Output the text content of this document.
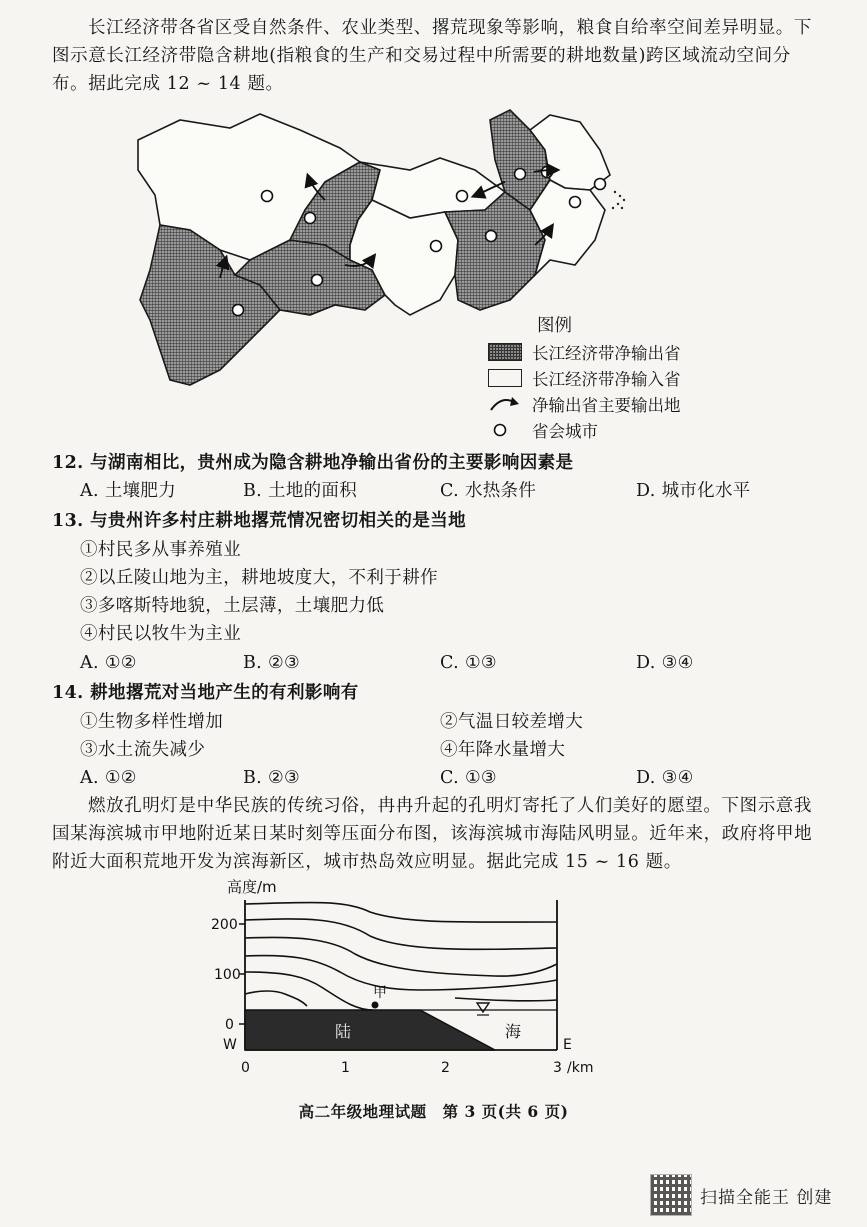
长江经济带各省区受自然条件、农业类型、撂荒现象等影响，粮食自给率空间差异明显。下图示意长江经济带隐含耕地(指粮食的生产和交易过程中所需要的耕地数量)跨区域流动空间分布。据此完成 12 ~ 14 题。

图例
长江经济带净输出省
长江经济带净输入省
净输出省主要输出地
省会城市
12. 与湖南相比，贵州成为隐含耕地净输出省份的主要影响因素是
A. 土壤肥力	B. 土地的面积	C. 水热条件	D. 城市化水平
13. 与贵州许多村庄耕地撂荒情况密切相关的是当地
①村民多从事养殖业
②以丘陵山地为主，耕地坡度大，不利于耕作
③多喀斯特地貌，土层薄，土壤肥力低
④村民以牧牛为主业
A. ①②	B. ②③	C. ①③	D. ③④
14. 耕地撂荒对当地产生的有利影响有
①生物多样性增加	②气温日较差增大
③水土流失减少	④年降水量增大
A. ①②	B. ②③	C. ①③	D. ③④

燃放孔明灯是中华民族的传统习俗，冉冉升起的孔明灯寄托了人们美好的愿望。下图示意我国某海滨城市甲地附近某日某时刻等压面分布图，该海滨城市海陆风明显。近年来，政府将甲地附近大面积荒地开发为滨海新区，城市热岛效应明显。据此完成 15 ~ 16 题。

高度/m
200
100
0
0	1	2	3 /km
W	E
陆	海
甲
高二年级地理试题　第 3 页(共 6 页)
扫描全能王 创建
